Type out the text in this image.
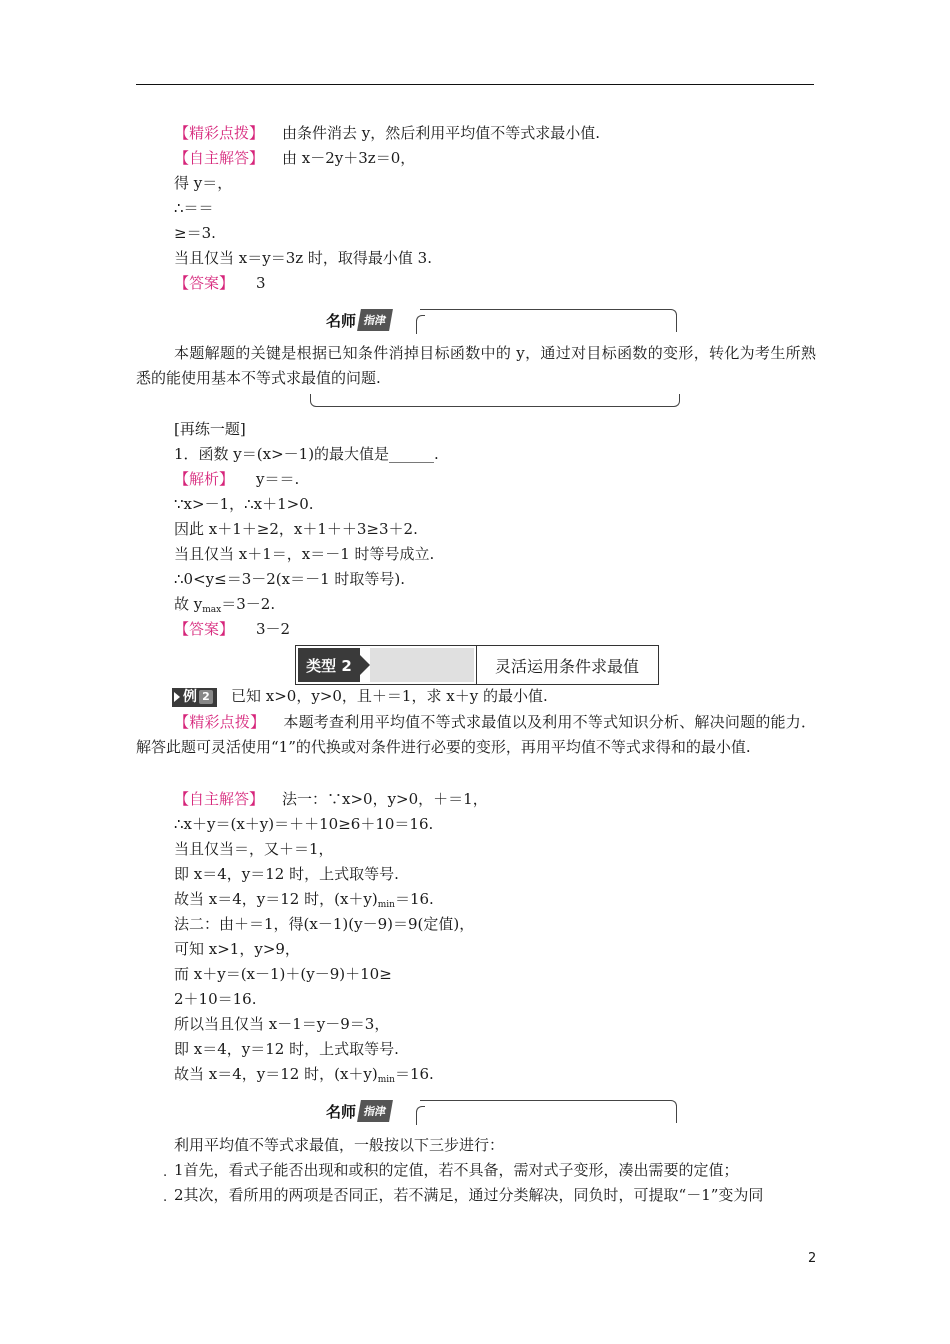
【精彩点拨】 由条件消去 y，然后利用平均值不等式求最小值.
【自主解答】 由 x－2y＋3z＝0，
得 y＝，
∴＝＝
≥＝3.
当且仅当 x＝y＝3z 时，取得最小值 3.
【答案】 3
名师 指津
本题解题的关键是根据已知条件消掉目标函数中的 y，通过对目标函数的变形，转化为考生所熟悉的能使用基本不等式求最值的问题.
[再练一题]
1．函数 y＝(x>－1)的最大值是______.
【解析】 y＝＝.
∵x>－1，∴x＋1>0.
因此 x＋1＋≥2，x＋1＋＋3≥3＋2.
当且仅当 x＋1＝，x＝－1 时等号成立.
∴0<y≤＝3－2(x＝－1 时取等号).
故 $y_{max}=3-2$.
【答案】 3－2
类型 2	灵活运用条件求最值
例 2 已知 x>0，y>0，且＋＝1，求 x＋y 的最小值.
【精彩点拨】 本题考查利用平均值不等式求最值以及利用不等式知识分析、解决问题的能力．解答此题可灵活使用“1”的代换或对条件进行必要的变形，再用平均值不等式求得和的最小值.
【自主解答】 法一：∵x>0，y>0，＋＝1，
∴x＋y＝(x＋y)＝＋＋10≥6＋10＝16.
当且仅当＝，又＋＝1，
即 x＝4，y＝12 时，上式取等号.
故当 x＝4，y＝12 时，$(x+y)_{min}=16$.
法二：由＋＝1，得(x－1)(y－9)＝9(定值)，
可知 x>1，y>9，
而 x＋y＝(x－1)＋(y－9)＋10≥
2＋10＝16.
所以当且仅当 x－1＝y－9＝3，
即 x＝4，y＝12 时，上式取等号.
故当 x＝4，y＝12 时，$(x+y)_{min}=16$.
名师 指津
利用平均值不等式求最值，一般按以下三步进行：
. 1首先，看式子能否出现和或积的定值，若不具备，需对式子变形，凑出需要的定值；
. 2其次，看所用的两项是否同正，若不满足，通过分类解决，同负时，可提取“－1”变为同
2
